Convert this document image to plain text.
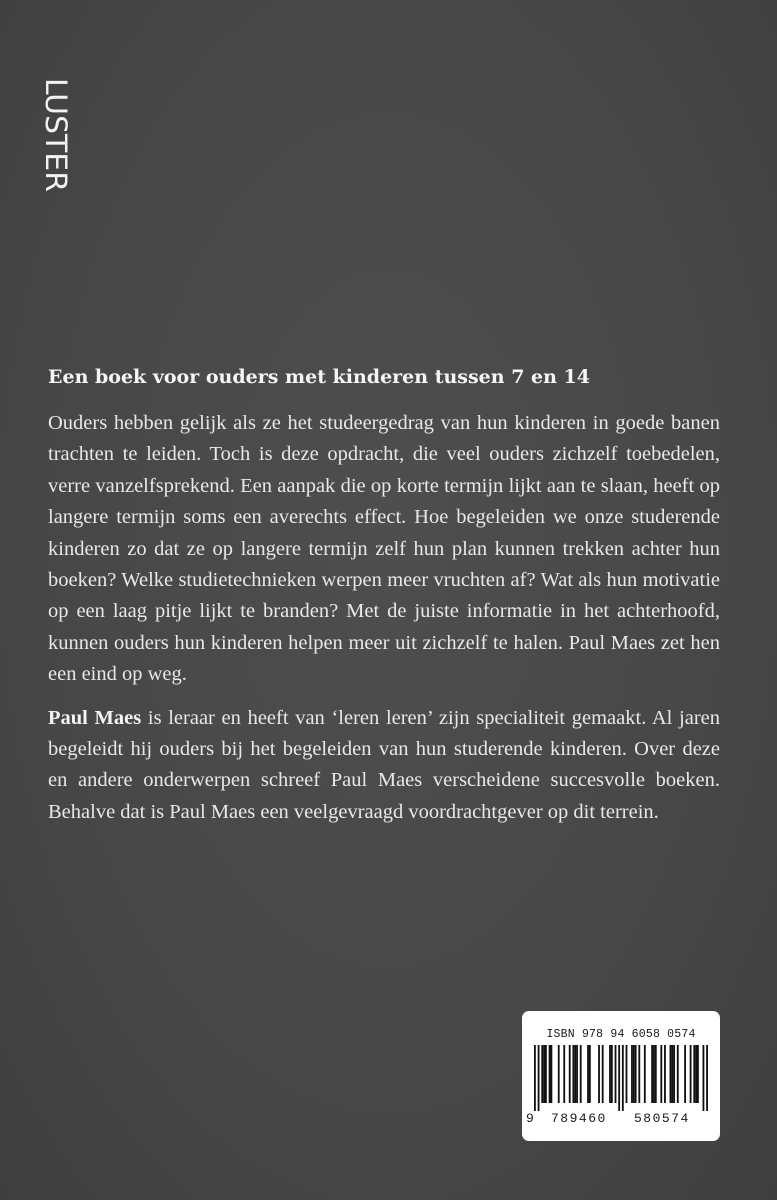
LUSTER
Een boek voor ouders met kinderen tussen 7 en 14

Ouders hebben gelijk als ze het studeergedrag van hun kinderen in goede banen trachten te leiden. Toch is deze opdracht, die veel ouders zichzelf toebedelen, verre vanzelfsprekend. Een aanpak die op korte termijn lijkt aan te slaan, heeft op langere termijn soms een averechts effect. Hoe begeleiden we onze studerende kinderen zo dat ze op langere termijn zelf hun plan kunnen trekken achter hun boeken? Welke studietechnieken werpen meer vruchten af? Wat als hun motivatie op een laag pitje lijkt te branden? Met de juiste informatie in het achterhoofd, kunnen ouders hun kinderen helpen meer uit zichzelf te halen. Paul Maes zet hen een eind op weg.

Paul Maes is leraar en heeft van ‘leren leren’ zijn specialiteit gemaakt. Al jaren begeleidt hij ouders bij het begeleiden van hun studerende kinderen. Over deze en andere onderwerpen schreef Paul Maes verscheidene succesvolle boeken. Behalve dat is Paul Maes een veelgevraagd voordrachtgever op dit terrein.

ISBN 978 94 6058 0574
9 789460 580574
